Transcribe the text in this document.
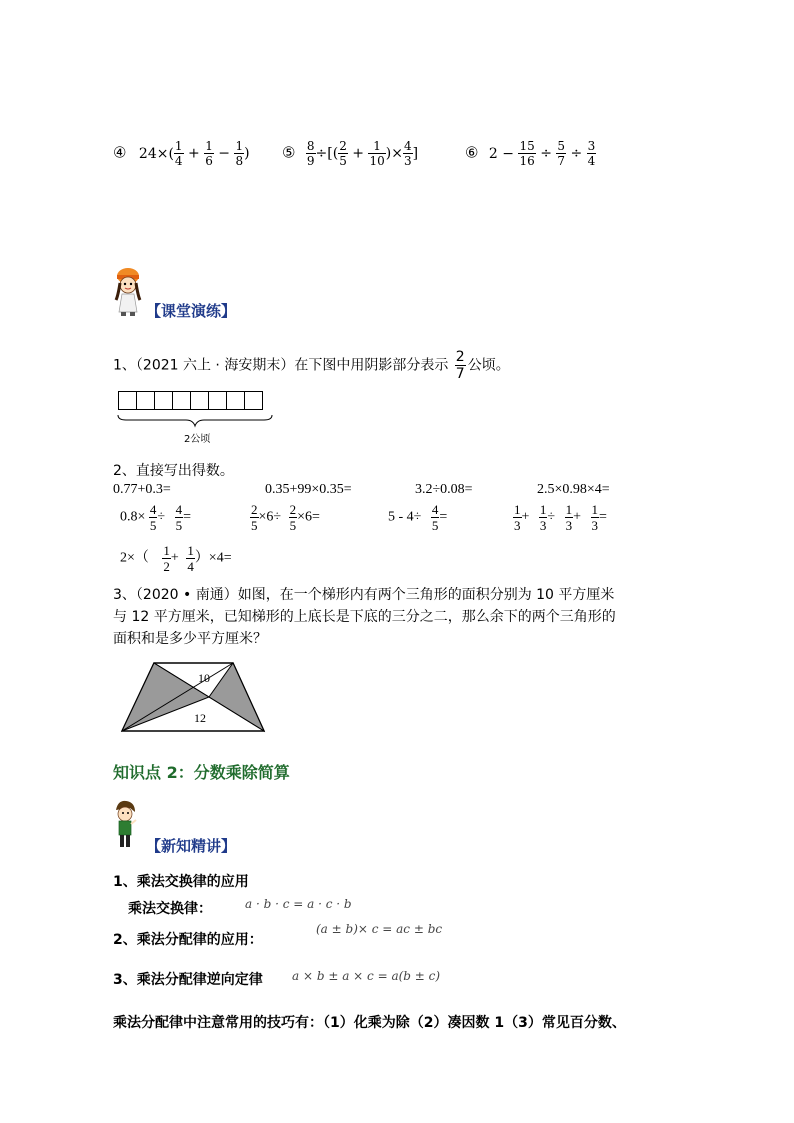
④ $24\times( \frac{1}{4} + \frac{1}{6} - \frac{1}{8}$ ) ⑤ $\frac{8}{9}$ ÷[( $\frac{2}{5} + \frac{1}{10}$ )× $\frac{4}{3}$ ]	⑥ $2 - \frac{15}{16} \div \frac{5}{7} \div \frac{3}{4}$
【课堂演练】
1、（2021 六上 · 海安期末）在下图中用阴影部分表示 $\frac{2}{7}$ 公顷。
2公顷
2、直接写出得数。
0.77+0.3=	0.35+99×0.35=	3.2÷0.08=	2.5×0.98×4=
$0.8\times \frac{4}{5} \div \frac{4}{5}$ =	$\frac{2}{5} \times 6\div \frac{2}{5} \times 6=$	$5 - 4\div \frac{4}{5}$ =	$\frac{1}{3} + \frac{1}{3} \div \frac{1}{3} + \frac{1}{3}$ =
$2\times( \frac{1}{2} + \frac{1}{4} )\times 4=$
3、（2020 • 南通）如图，在一个梯形内有两个三角形的面积分别为 10 平方厘米
与 12 平方厘米，已知梯形的上底长是下底的三分之二，那么余下的两个三角形的
面积和是多少平方厘米？
10
12
知识点 2：分数乘除简算
【新知精讲】
1、乘法交换律的应用
乘法交换律：	a · b · c = a · c · b
2、乘法分配律的应用：
(a ± b)× c = ac ± bc
3、乘法分配律逆向定律 a × b ± a × c = a(b ± c)
乘法分配律中注意常用的技巧有：（1）化乘为除（2）凑因数 1（3）常见百分数、
